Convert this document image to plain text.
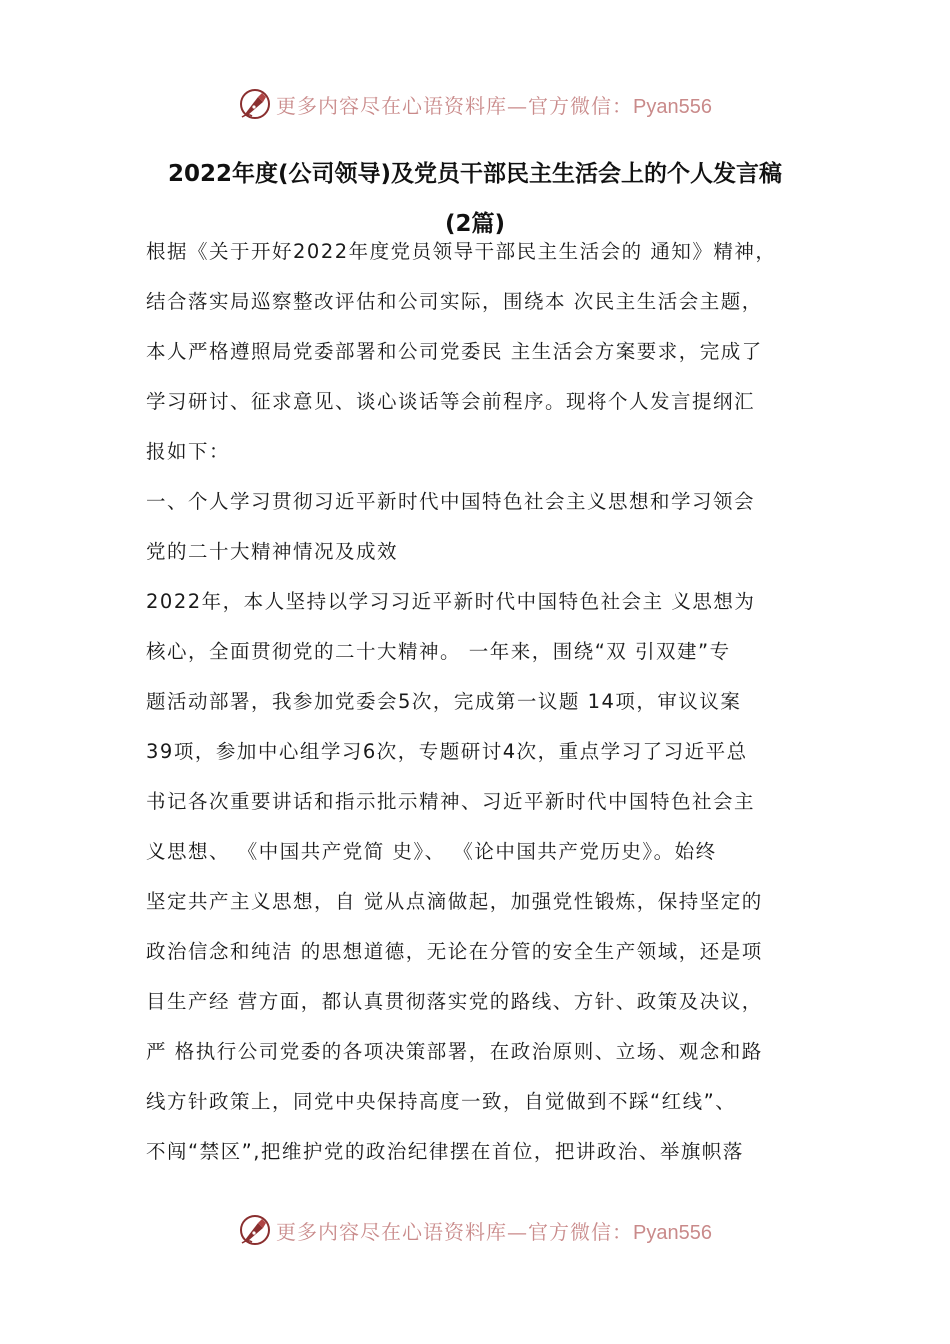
更多内容尽在心语资料库—官方微信：Pyan556
2022年度(公司领导)及党员干部民主生活会上的个人发言稿
(2篇)
根据《关于开好2022年度党员领导干部民主生活会的 通知》精神，
结合落实局巡察整改评估和公司实际，围绕本 次民主生活会主题，
本人严格遵照局党委部署和公司党委民 主生活会方案要求，完成了
学习研讨、征求意见、谈心谈话等会前程序。现将个人发言提纲汇
报如下：
一、个人学习贯彻习近平新时代中国特色社会主义思想和学习领会
党的二十大精神情况及成效
2022年，本人坚持以学习习近平新时代中国特色社会主 义思想为
核心，全面贯彻党的二十大精神。 一年来，围绕“双 引双建”专
题活动部署，我参加党委会5次，完成第一议题 14项，审议议案
39项，参加中心组学习6次，专题研讨4次，重点学习了习近平总
书记各次重要讲话和指示批示精神、习近平新时代中国特色社会主
义思想、 《中国共产党简 史》、 《论中国共产党历史》。始终
坚定共产主义思想，自 觉从点滴做起，加强党性锻炼，保持坚定的
政治信念和纯洁 的思想道德，无论在分管的安全生产领域，还是项
目生产经 营方面，都认真贯彻落实党的路线、方针、政策及决议，
严 格执行公司党委的各项决策部署，在政治原则、立场、观念和路
线方针政策上，同党中央保持高度一致，自觉做到不踩“红线”、
不闯“禁区”,把维护党的政治纪律摆在首位，把讲政治、举旗帜落
更多内容尽在心语资料库—官方微信：Pyan556
